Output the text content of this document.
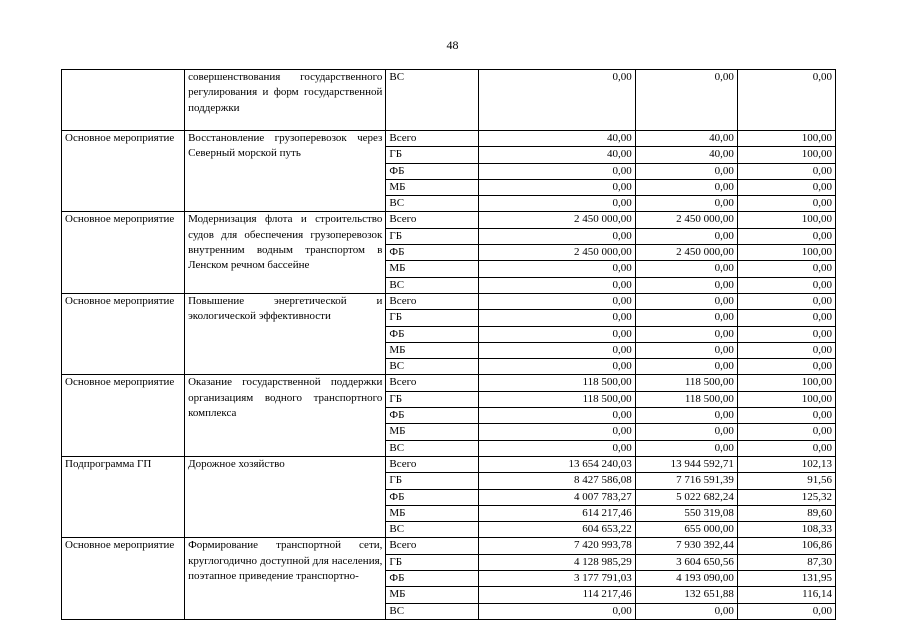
48
	совершенствования государственного регулирования и форм государственной поддержки	ВС	0,00	0,00	0,00
Основное мероприятие	Восстановление грузоперевозок через Северный морской путь	Всего	40,00	40,00	100,00
		ГБ	40,00	40,00	100,00
		ФБ	0,00	0,00	0,00
		МБ	0,00	0,00	0,00
		ВС	0,00	0,00	0,00
Основное мероприятие	Модернизация флота и строительство судов для обеспечения грузоперевозок внутренним водным транспортом в Ленском речном бассейне	Всего	2 450 000,00	2 450 000,00	100,00
		ГБ	0,00	0,00	0,00
		ФБ	2 450 000,00	2 450 000,00	100,00
		МБ	0,00	0,00	0,00
		ВС	0,00	0,00	0,00
Основное мероприятие	Повышение энергетической и экологической эффективности	Всего	0,00	0,00	0,00
		ГБ	0,00	0,00	0,00
		ФБ	0,00	0,00	0,00
		МБ	0,00	0,00	0,00
		ВС	0,00	0,00	0,00
Основное мероприятие	Оказание государственной поддержки организациям водного транспортного комплекса	Всего	118 500,00	118 500,00	100,00
		ГБ	118 500,00	118 500,00	100,00
		ФБ	0,00	0,00	0,00
		МБ	0,00	0,00	0,00
		ВС	0,00	0,00	0,00
Подпрограмма ГП	Дорожное хозяйство	Всего	13 654 240,03	13 944 592,71	102,13
		ГБ	8 427 586,08	7 716 591,39	91,56
		ФБ	4 007 783,27	5 022 682,24	125,32
		МБ	614 217,46	550 319,08	89,60
		ВС	604 653,22	655 000,00	108,33
Основное мероприятие	Формирование транспортной сети, круглогодично доступной для населения, поэтапное приведение транспортно-	Всего	7 420 993,78	7 930 392,44	106,86
		ГБ	4 128 985,29	3 604 650,56	87,30
		ФБ	3 177 791,03	4 193 090,00	131,95
		МБ	114 217,46	132 651,88	116,14
		ВС	0,00	0,00	0,00
